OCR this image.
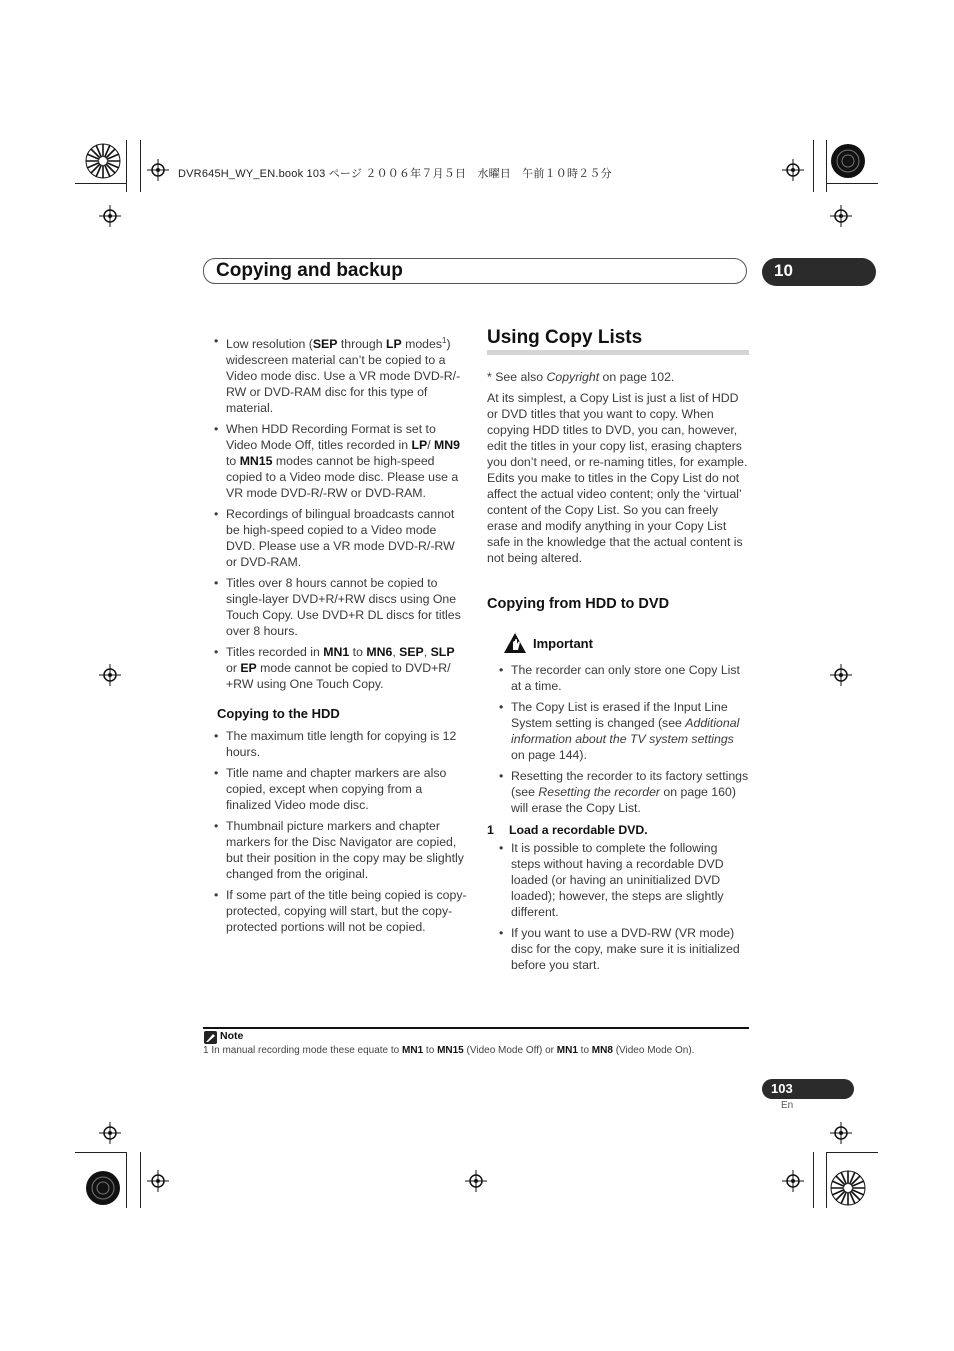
DVR645H_WY_EN.book 103 ページ ２００６年７月５日　水曜日　午前１０時２５分
Copying and backup	10
• Low resolution (SEP through LP modes$^1$) widescreen material can’t be copied to a Video mode disc. Use a VR mode DVD-R/-RW or DVD-RAM disc for this type of material.
• When HDD Recording Format is set to Video Mode Off, titles recorded in LP/ MN9 to MN15 modes cannot be high-speed copied to a Video mode disc. Please use a VR mode DVD-R/-RW or DVD-RAM.
• Recordings of bilingual broadcasts cannot be high-speed copied to a Video mode DVD. Please use a VR mode DVD-R/-RW or DVD-RAM.
• Titles over 8 hours cannot be copied to single-layer DVD+R/+RW discs using One Touch Copy. Use DVD+R DL discs for titles over 8 hours.
• Titles recorded in MN1 to MN6, SEP, SLP or EP mode cannot be copied to DVD+R/ +RW using One Touch Copy.
Copying to the HDD
• The maximum title length for copying is 12 hours.
• Title name and chapter markers are also copied, except when copying from a finalized Video mode disc.
• Thumbnail picture markers and chapter markers for the Disc Navigator are copied, but their position in the copy may be slightly changed from the original.
• If some part of the title being copied is copy-protected, copying will start, but the copy-protected portions will not be copied.
Using Copy Lists

* See also Copyright on page 102.

At its simplest, a Copy List is just a list of HDD or DVD titles that you want to copy. When copying HDD titles to DVD, you can, however, edit the titles in your copy list, erasing chapters you don’t need, or re-naming titles, for example. Edits you make to titles in the Copy List do not affect the actual video content; only the ‘virtual’ content of the Copy List. So you can freely erase and modify anything in your Copy List safe in the knowledge that the actual content is not being altered.

Copying from HDD to DVD
Important
• The recorder can only store one Copy List at a time.
• The Copy List is erased if the Input Line System setting is changed (see Additional information about the TV system settings on page 144).
• Resetting the recorder to its factory settings (see Resetting the recorder on page 160) will erase the Copy List.
1 Load a recordable DVD.
• It is possible to complete the following steps without having a recordable DVD loaded (or having an uninitialized DVD loaded); however, the steps are slightly different.
• If you want to use a DVD-RW (VR mode) disc for the copy, make sure it is initialized before you start.
Note
1 In manual recording mode these equate to MN1 to MN15 (Video Mode Off) or MN1 to MN8 (Video Mode On).
103
En
